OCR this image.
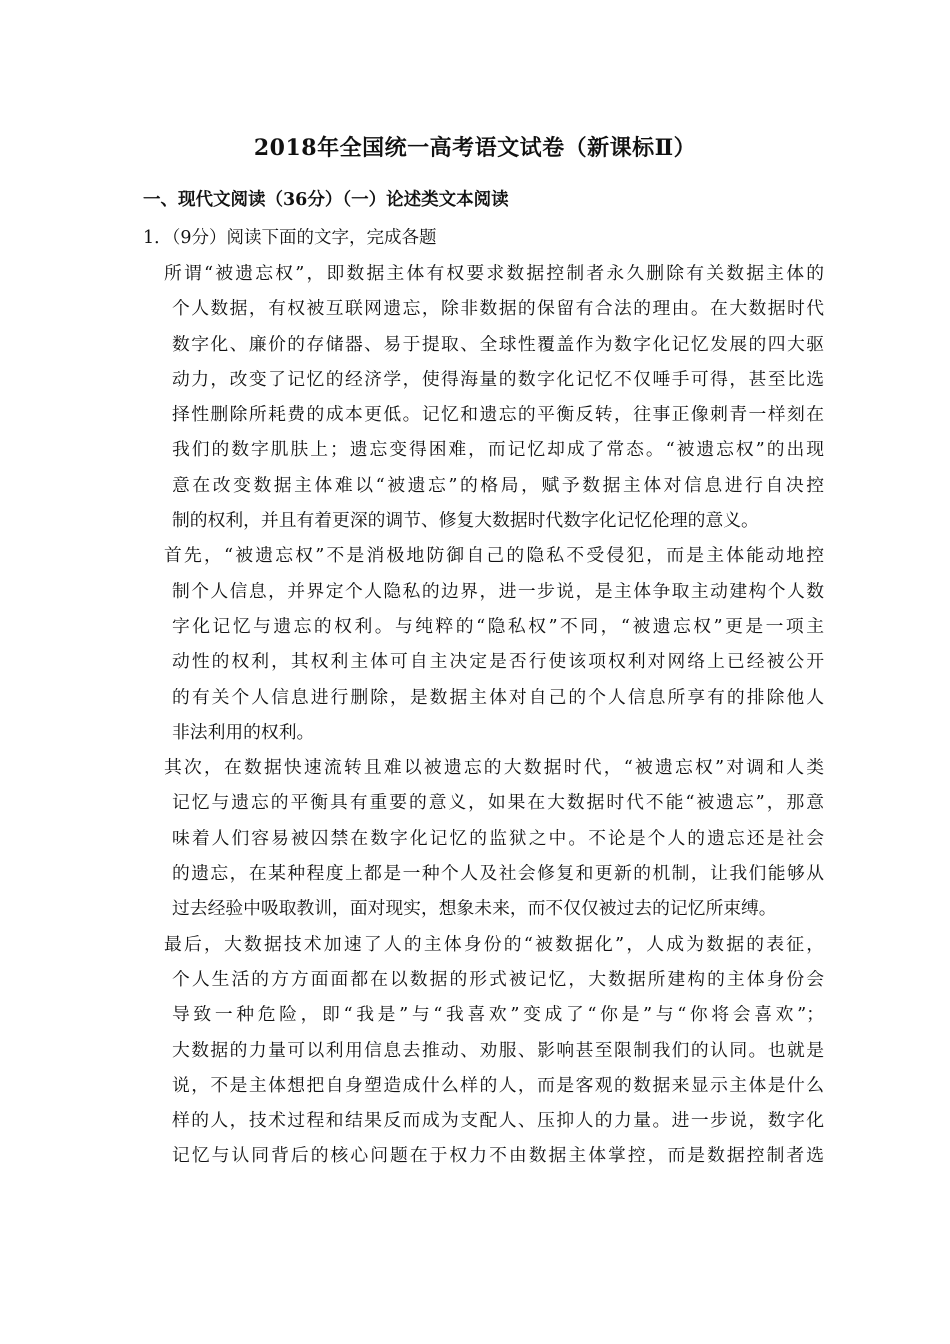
2018年全国统一高考语文试卷（新课标Ⅱ）

一、现代文阅读（36分）（一）论述类文本阅读

1．（9分）阅读下面的文字，完成各题

所谓“被遗忘权”，即数据主体有权要求数据控制者永久删除有关数据主体的
个人数据，有权被互联网遗忘，除非数据的保留有合法的理由。在大数据时代
数字化、廉价的存储器、易于提取、全球性覆盖作为数字化记忆发展的四大驱
动力，改变了记忆的经济学，使得海量的数字化记忆不仅唾手可得，甚至比选
择性删除所耗费的成本更低。记忆和遗忘的平衡反转，往事正像刺青一样刻在
我们的数字肌肤上；遗忘变得困难，而记忆却成了常态。“被遗忘权”的出现
意在改变数据主体难以“被遗忘”的格局，赋予数据主体对信息进行自决控
制的权利，并且有着更深的调节、修复大数据时代数字化记忆伦理的意义。
首先，“被遗忘权”不是消极地防御自己的隐私不受侵犯，而是主体能动地控
制个人信息，并界定个人隐私的边界，进一步说，是主体争取主动建构个人数
字化记忆与遗忘的权利。与纯粹的“隐私权”不同，“被遗忘权”更是一项主
动性的权利，其权利主体可自主决定是否行使该项权利对网络上已经被公开
的有关个人信息进行删除，是数据主体对自己的个人信息所享有的排除他人
非法利用的权利。
其次，在数据快速流转且难以被遗忘的大数据时代，“被遗忘权”对调和人类
记忆与遗忘的平衡具有重要的意义，如果在大数据时代不能“被遗忘”，那意
味着人们容易被囚禁在数字化记忆的监狱之中。不论是个人的遗忘还是社会
的遗忘，在某种程度上都是一种个人及社会修复和更新的机制，让我们能够从
过去经验中吸取教训，面对现实，想象未来，而不仅仅被过去的记忆所束缚。
最后，大数据技术加速了人的主体身份的“被数据化”，人成为数据的表征，
个人生活的方方面面都在以数据的形式被记忆，大数据所建构的主体身份会
导致一种危险，即“我是”与“我喜欢”变成了“你是”与“你将会喜欢”；
大数据的力量可以利用信息去推动、劝服、影响甚至限制我们的认同。也就是
说，不是主体想把自身塑造成什么样的人，而是客观的数据来显示主体是什么
样的人，技术过程和结果反而成为支配人、压抑人的力量。进一步说，数字化
记忆与认同背后的核心问题在于权力不由数据主体掌控，而是数据控制者选
